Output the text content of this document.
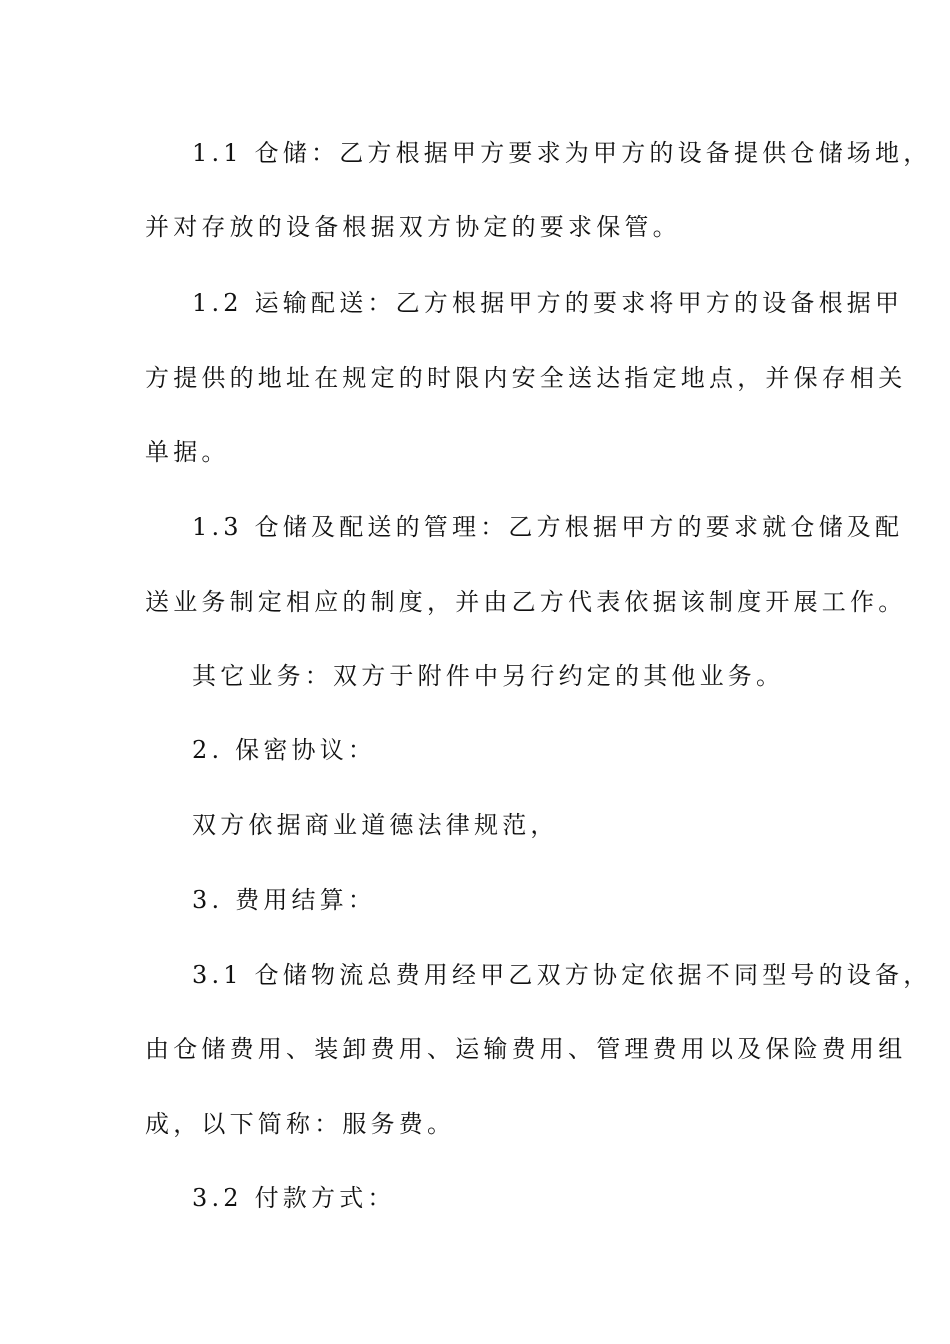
1.1 仓储：乙方根据甲方要求为甲方的设备提供仓储场地，

并对存放的设备根据双方协定的要求保管。

1.2 运输配送：乙方根据甲方的要求将甲方的设备根据甲

方提供的地址在规定的时限内安全送达指定地点，并保存相关

单据。

1.3 仓储及配送的管理：乙方根据甲方的要求就仓储及配

送业务制定相应的制度，并由乙方代表依据该制度开展工作。

其它业务：双方于附件中另行约定的其他业务。

2. 保密协议：

双方依据商业道德法律规范，

3. 费用结算：

3.1 仓储物流总费用经甲乙双方协定依据不同型号的设备，

由仓储费用、装卸费用、运输费用、管理费用以及保险费用组

成，以下简称：服务费。

3.2 付款方式：
